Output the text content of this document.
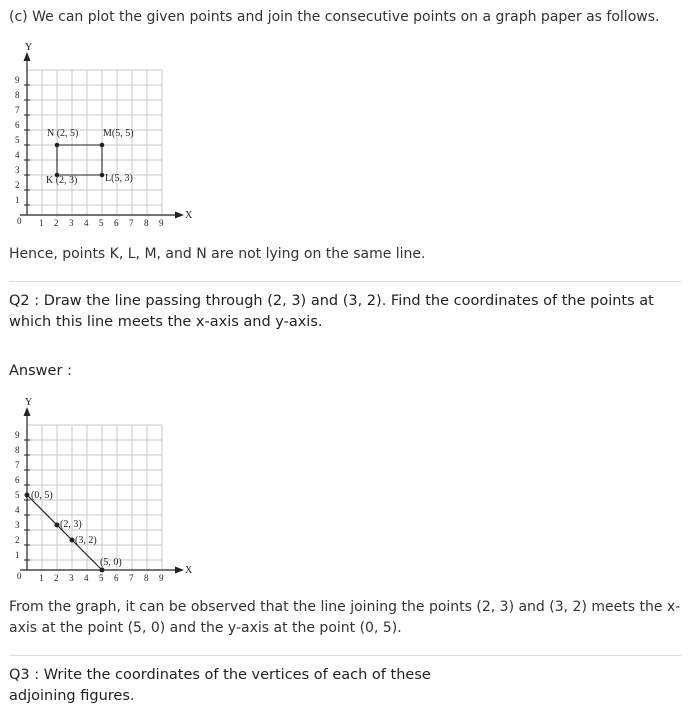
(c) We can plot the given points and join the consecutive points on a graph paper as follows.
Y
X
0
1
2
3
4
5
6
7
8
9
1 2 3 4 5 6 7 8 9
N (2, 5) M(5, 5)
K (2, 3)	L(5, 3)
Hence, points K, L, M, and N are not lying on the same line.
Q2 : Draw the line passing through (2, 3) and (3, 2). Find the coordinates of the points at which this line meets the x-axis and y-axis.
Answer :
Y
X
0
1
2
3
4
5
6
7
8
9
1 2 3 4 5 6 7 8 9
(0, 5)
(2, 3)
(3, 2)
(5, 0)
From the graph, it can be observed that the line joining the points (2, 3) and (3, 2) meets the x-axis at the point (5, 0) and the y-axis at the point (0, 5).
Q3 : Write the coordinates of the vertices of each of these adjoining figures.
